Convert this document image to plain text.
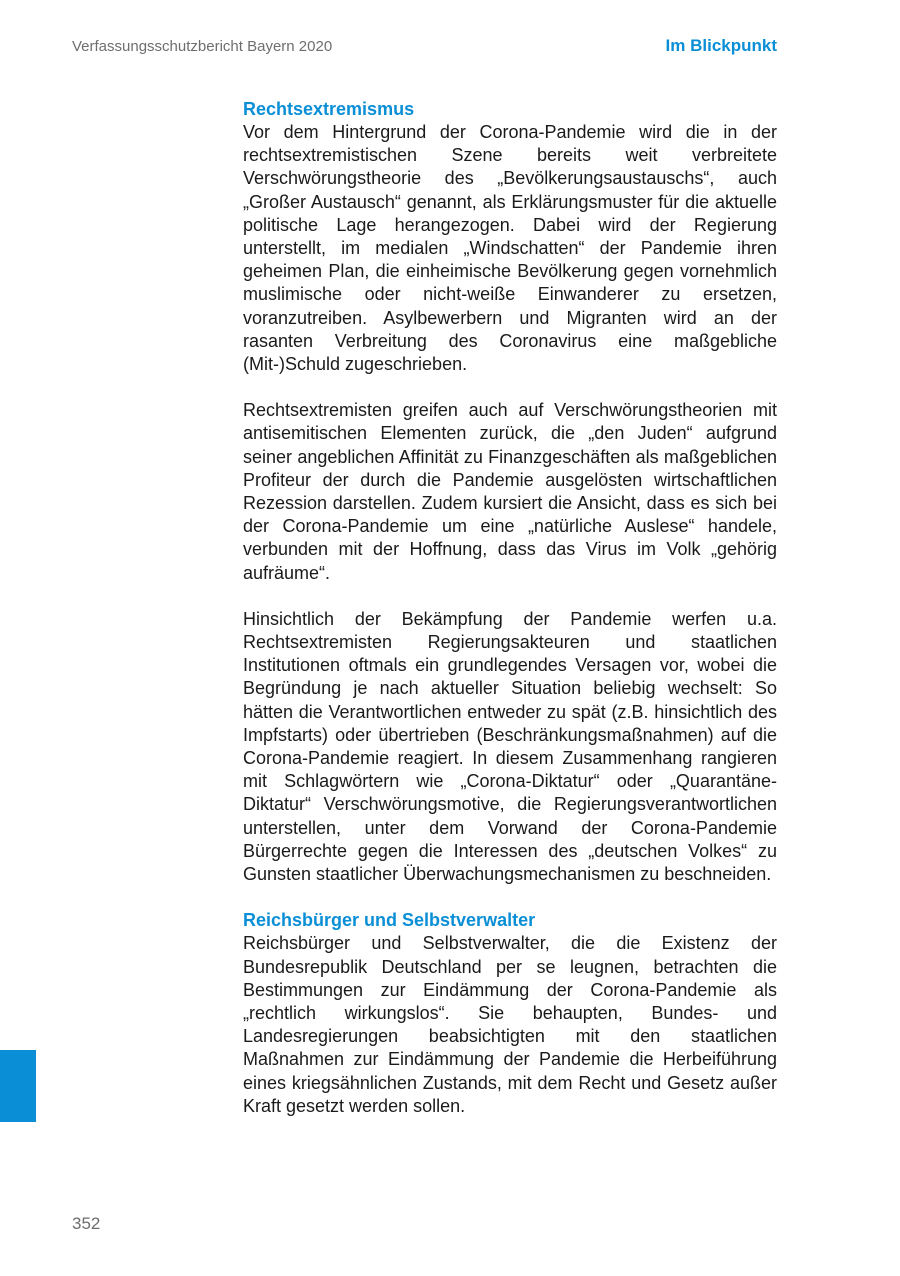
Verfassungsschutzbericht Bayern 2020	Im Blickpunkt
Rechtsextremismus

Vor dem Hintergrund der Corona-Pandemie wird die in der rechtsextremistischen Szene bereits weit verbreitete Verschwörungstheorie des „Bevölkerungsaustauschs“, auch „Großer Austausch“ genannt, als Erklärungsmuster für die aktuelle politische Lage herangezogen. Dabei wird der Regierung unterstellt, im medialen „Windschatten“ der Pandemie ihren geheimen Plan, die einheimische Bevölkerung gegen vornehmlich muslimische oder nicht-weiße Einwanderer zu ersetzen, voranzutreiben. Asylbewerbern und Migranten wird an der rasanten Verbreitung des Coronavirus eine maßgebliche (Mit-)Schuld zugeschrieben.

Rechtsextremisten greifen auch auf Verschwörungstheorien mit antisemitischen Elementen zurück, die „den Juden“ aufgrund seiner angeblichen Affinität zu Finanzgeschäften als maßgeblichen Profiteur der durch die Pandemie ausgelösten wirtschaftlichen Rezession darstellen. Zudem kursiert die Ansicht, dass es sich bei der Corona-Pandemie um eine „natürliche Auslese“ handele, verbunden mit der Hoffnung, dass das Virus im Volk „gehörig aufräume“.

Hinsichtlich der Bekämpfung der Pandemie werfen u.a. Rechtsextremisten Regierungsakteuren und staatlichen Institutionen oftmals ein grundlegendes Versagen vor, wobei die Begründung je nach aktueller Situation beliebig wechselt: So hätten die Verantwortlichen entweder zu spät (z.B. hinsichtlich des Impfstarts) oder übertrieben (Beschränkungsmaßnahmen) auf die Corona-Pandemie reagiert. In diesem Zusammenhang rangieren mit Schlagwörtern wie „Corona-Diktatur“ oder „Quarantäne-Diktatur“ Verschwörungsmotive, die Regierungsverantwortlichen unterstellen, unter dem Vorwand der Corona-Pandemie Bürgerrechte gegen die Interessen des „deutschen Volkes“ zu Gunsten staatlicher Überwachungsmechanismen zu beschneiden.

Reichsbürger und Selbstverwalter

Reichsbürger und Selbstverwalter, die die Existenz der Bundesrepublik Deutschland per se leugnen, betrachten die Bestimmungen zur Eindämmung der Corona-Pandemie als „rechtlich wirkungslos“. Sie behaupten, Bundes- und Landesregierungen beabsichtigten mit den staatlichen Maßnahmen zur Eindämmung der Pandemie die Herbeiführung eines kriegsähnlichen Zustands, mit dem Recht und Gesetz außer Kraft gesetzt werden sollen.

352
